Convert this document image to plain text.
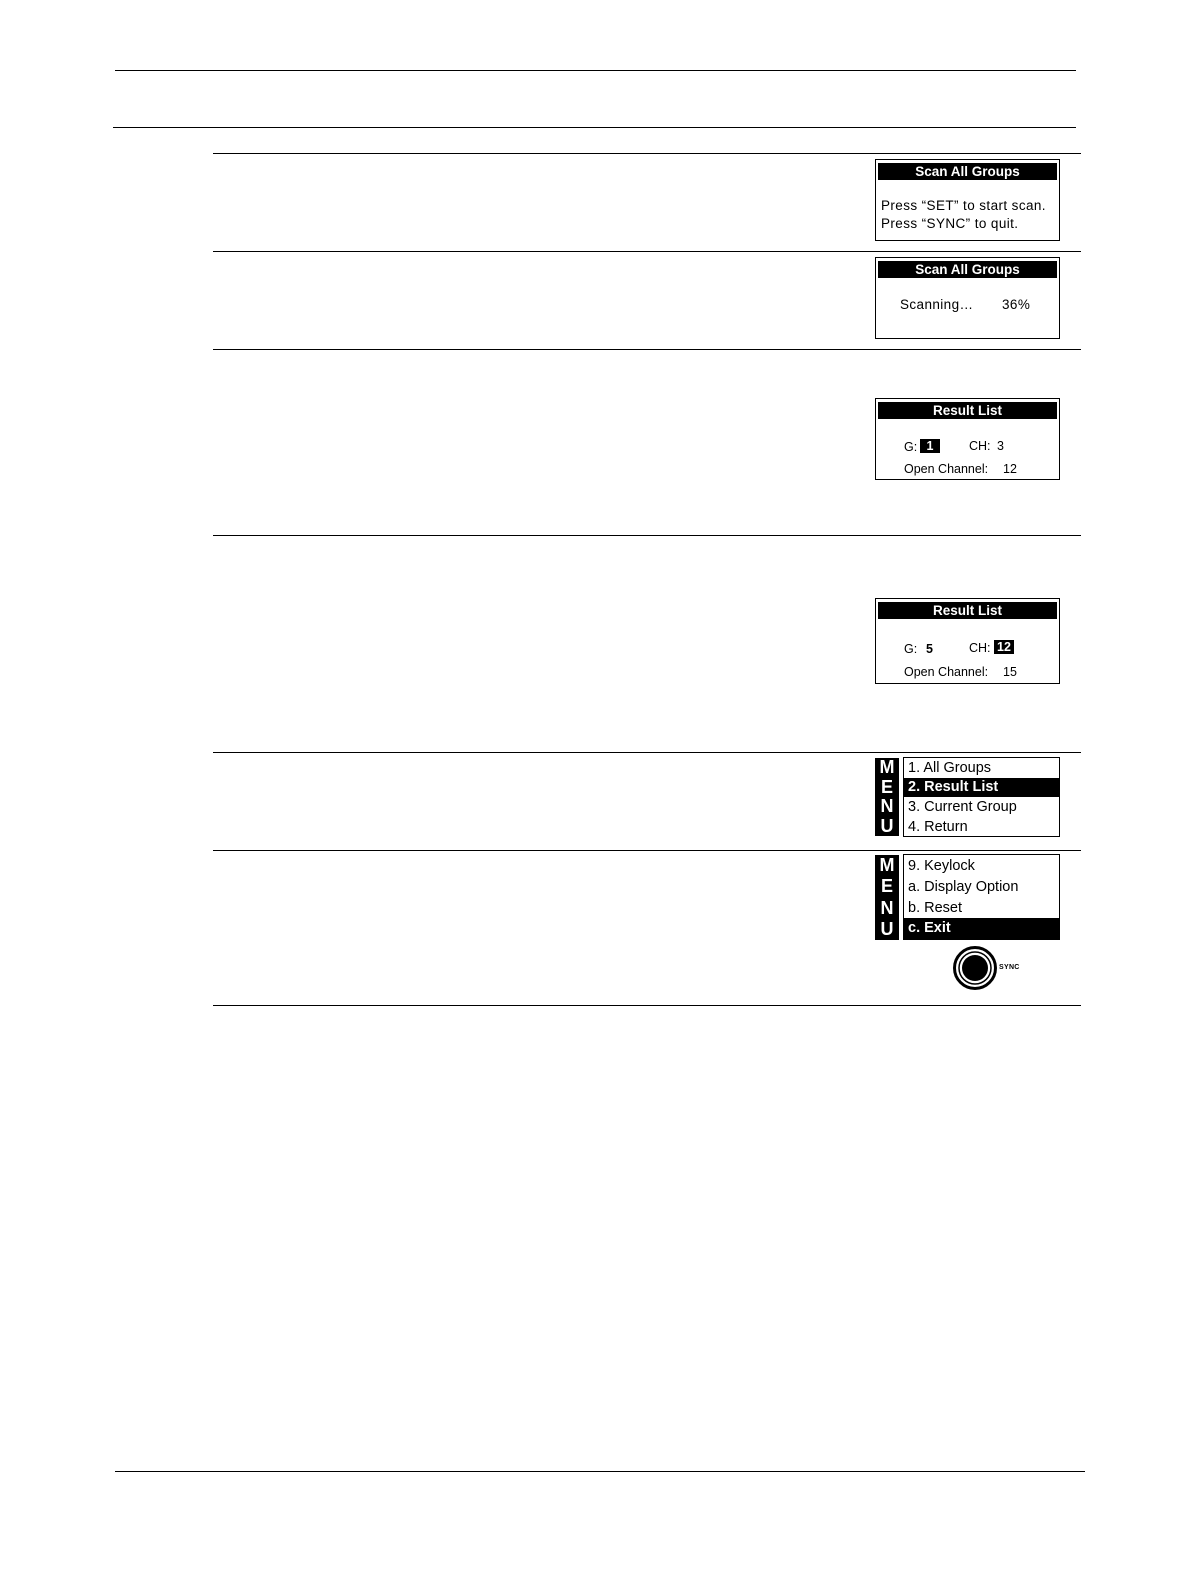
Scan All Groups
Press “SET” to start scan.
Press “SYNC” to quit.
Scan All Groups
Scanning… 36%
Result List
G: 1	CH: 3
Open Channel: 12
Result List
G: 5	CH: 12
Open Channel: 15
M
E
N
U
1. All Groups
2. Result List
3. Current Group
4. Return
M
E
N
U
9. Keylock
a. Display Option
b. Reset
c. Exit
SYNC
